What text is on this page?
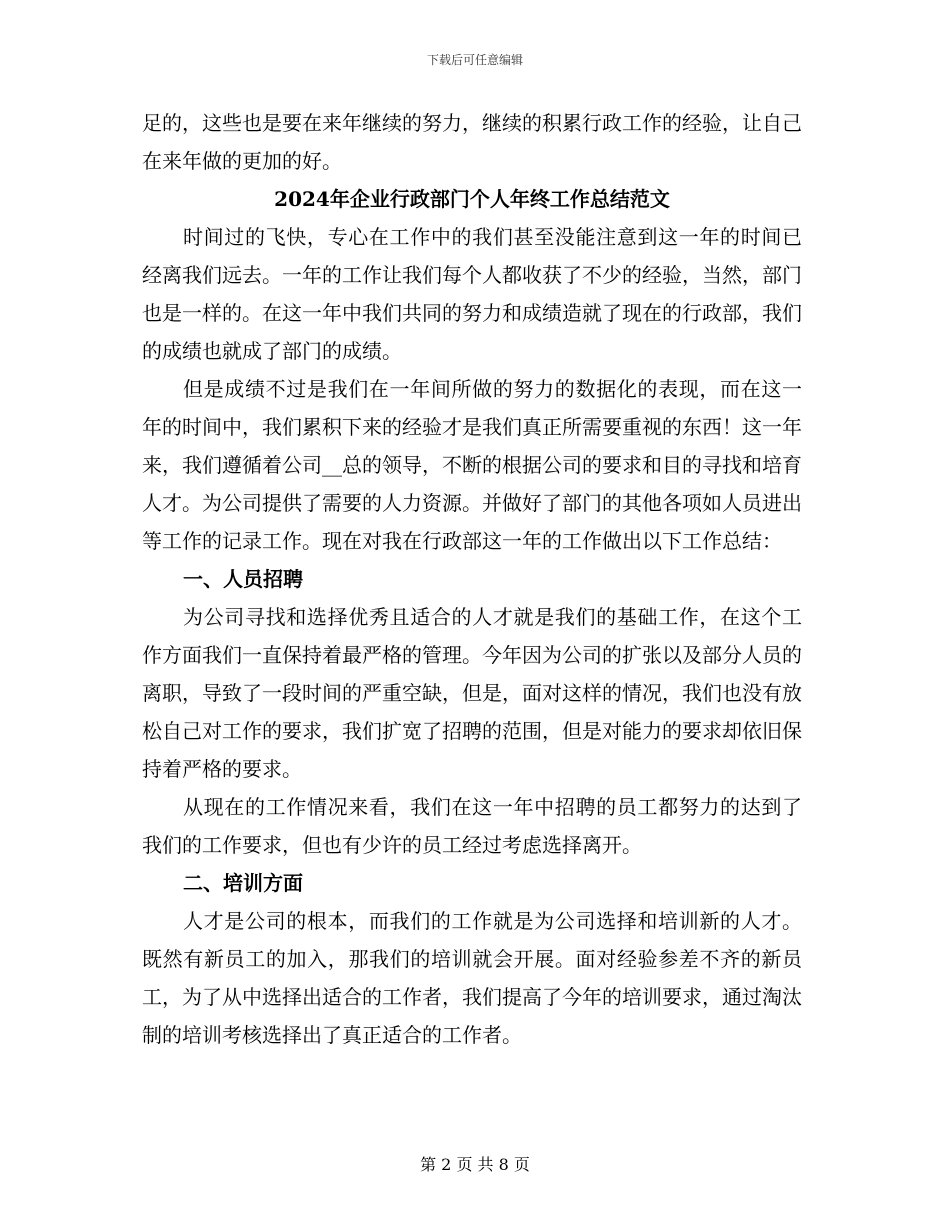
下载后可任意编辑

足的，这些也是要在来年继续的努力，继续的积累行政工作的经验，让自己在来年做的更加的好。

2024年企业行政部门个人年终工作总结范文

时间过的飞快，专心在工作中的我们甚至没能注意到这一年的时间已经离我们远去。一年的工作让我们每个人都收获了不少的经验，当然，部门也是一样的。在这一年中我们共同的努力和成绩造就了现在的行政部，我们的成绩也就成了部门的成绩。

但是成绩不过是我们在一年间所做的努力的数据化的表现，而在这一年的时间中，我们累积下来的经验才是我们真正所需要重视的东西！这一年来，我们遵循着公司__总的领导，不断的根据公司的要求和目的寻找和培育人才。为公司提供了需要的人力资源。并做好了部门的其他各项如人员进出等工作的记录工作。现在对我在行政部这一年的工作做出以下工作总结：

一、人员招聘

为公司寻找和选择优秀且适合的人才就是我们的基础工作，在这个工作方面我们一直保持着最严格的管理。今年因为公司的扩张以及部分人员的离职，导致了一段时间的严重空缺，但是，面对这样的情况，我们也没有放松自己对工作的要求，我们扩宽了招聘的范围，但是对能力的要求却依旧保持着严格的要求。

从现在的工作情况来看，我们在这一年中招聘的员工都努力的达到了我们的工作要求，但也有少许的员工经过考虑选择离开。

二、培训方面

人才是公司的根本，而我们的工作就是为公司选择和培训新的人才。既然有新员工的加入，那我们的培训就会开展。面对经验参差不齐的新员工，为了从中选择出适合的工作者，我们提高了今年的培训要求，通过淘汰制的培训考核选择出了真正适合的工作者。

第 2 页 共 8 页
